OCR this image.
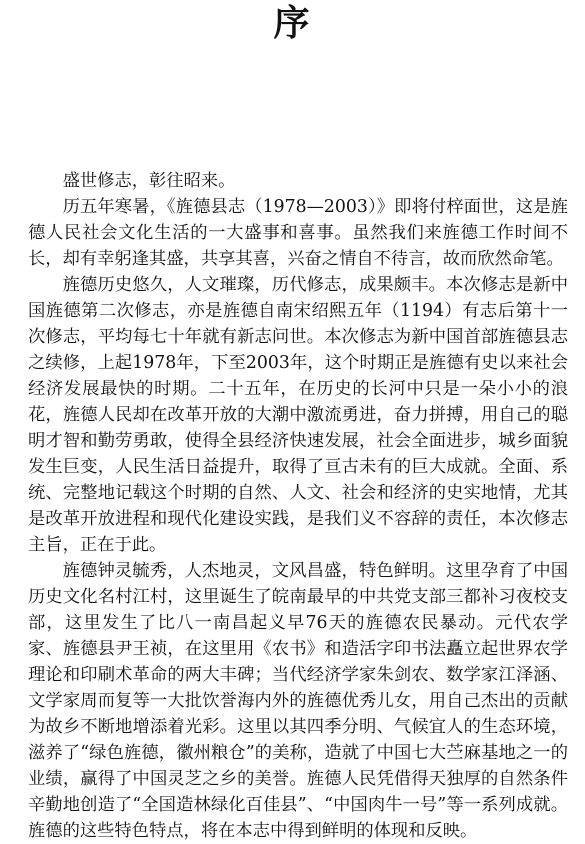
序

盛世修志，彰往昭来。

历五年寒暑，《旌德县志（1978—2003）》即将付梓面世，这是旌德人民社会文化生活的一大盛事和喜事。虽然我们来旌德工作时间不长，却有幸躬逢其盛，共享其喜，兴奋之情自不待言，故而欣然命笔。

旌德历史悠久，人文璀璨，历代修志，成果颇丰。本次修志是新中国旌德第二次修志，亦是旌德自南宋绍熙五年（1194）有志后第十一次修志，平均每七十年就有新志问世。本次修志为新中国首部旌德县志之续修，上起1978年，下至2003年，这个时期正是旌德有史以来社会经济发展最快的时期。二十五年，在历史的长河中只是一朵小小的浪花，旌德人民却在改革开放的大潮中激流勇进，奋力拼搏，用自己的聪明才智和勤劳勇敢，使得全县经济快速发展，社会全面进步，城乡面貌发生巨变，人民生活日益提升，取得了亘古未有的巨大成就。全面、系统、完整地记载这个时期的自然、人文、社会和经济的史实地情，尤其是改革开放进程和现代化建设实践，是我们义不容辞的责任，本次修志主旨，正在于此。

旌德钟灵毓秀，人杰地灵，文风昌盛，特色鲜明。这里孕育了中国历史文化名村江村，这里诞生了皖南最早的中共党支部三都补习夜校支部，这里发生了比八一南昌起义早76天的旌德农民暴动。元代农学家、旌德县尹王祯，在这里用《农书》和造活字印书法矗立起世界农学理论和印刷术革命的两大丰碑；当代经济学家朱剑农、数学家江泽涵、文学家周而复等一大批饮誉海内外的旌德优秀儿女，用自己杰出的贡献为故乡不断地增添着光彩。这里以其四季分明、气候宜人的生态环境，滋养了“绿色旌德，徽州粮仓”的美称，造就了中国七大苎麻基地之一的业绩，赢得了中国灵芝之乡的美誉。旌德人民凭借得天独厚的自然条件辛勤地创造了“全国造林绿化百佳县”、“中国肉牛一号”等一系列成就。旌德的这些特色特点，将在本志中得到鲜明的体现和反映。
